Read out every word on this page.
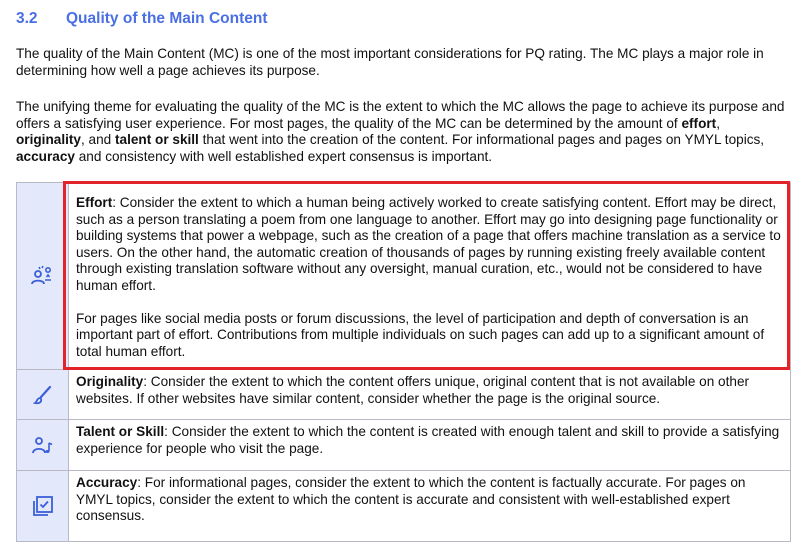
3.2	Quality of the Main Content
The quality of the Main Content (MC) is one of the most important considerations for PQ rating. The MC plays a major role in determining how well a page achieves its purpose.
The unifying theme for evaluating the quality of the MC is the extent to which the MC allows the page to achieve its purpose and offers a satisfying user experience. For most pages, the quality of the MC can be determined by the amount of effort, originality, and talent or skill that went into the creation of the content. For informational pages and pages on YMYL topics, accuracy and consistency with well established expert consensus is important.
Effort: Consider the extent to which a human being actively worked to create satisfying content. Effort may be direct, such as a person translating a poem from one language to another. Effort may go into designing page functionality or building systems that power a webpage, such as the creation of a page that offers machine translation as a service to users. On the other hand, the automatic creation of thousands of pages by running existing freely available content through existing translation software without any oversight, manual curation, etc., would not be considered to have human effort.
For pages like social media posts or forum discussions, the level of participation and depth of conversation is an important part of effort. Contributions from multiple individuals on such pages can add up to a significant amount of total human effort.
Originality: Consider the extent to which the content offers unique, original content that is not available on other websites. If other websites have similar content, consider whether the page is the original source.
Talent or Skill: Consider the extent to which the content is created with enough talent and skill to provide a satisfying experience for people who visit the page.
Accuracy: For informational pages, consider the extent to which the content is factually accurate. For pages on YMYL topics, consider the extent to which the content is accurate and consistent with well-established expert consensus.
